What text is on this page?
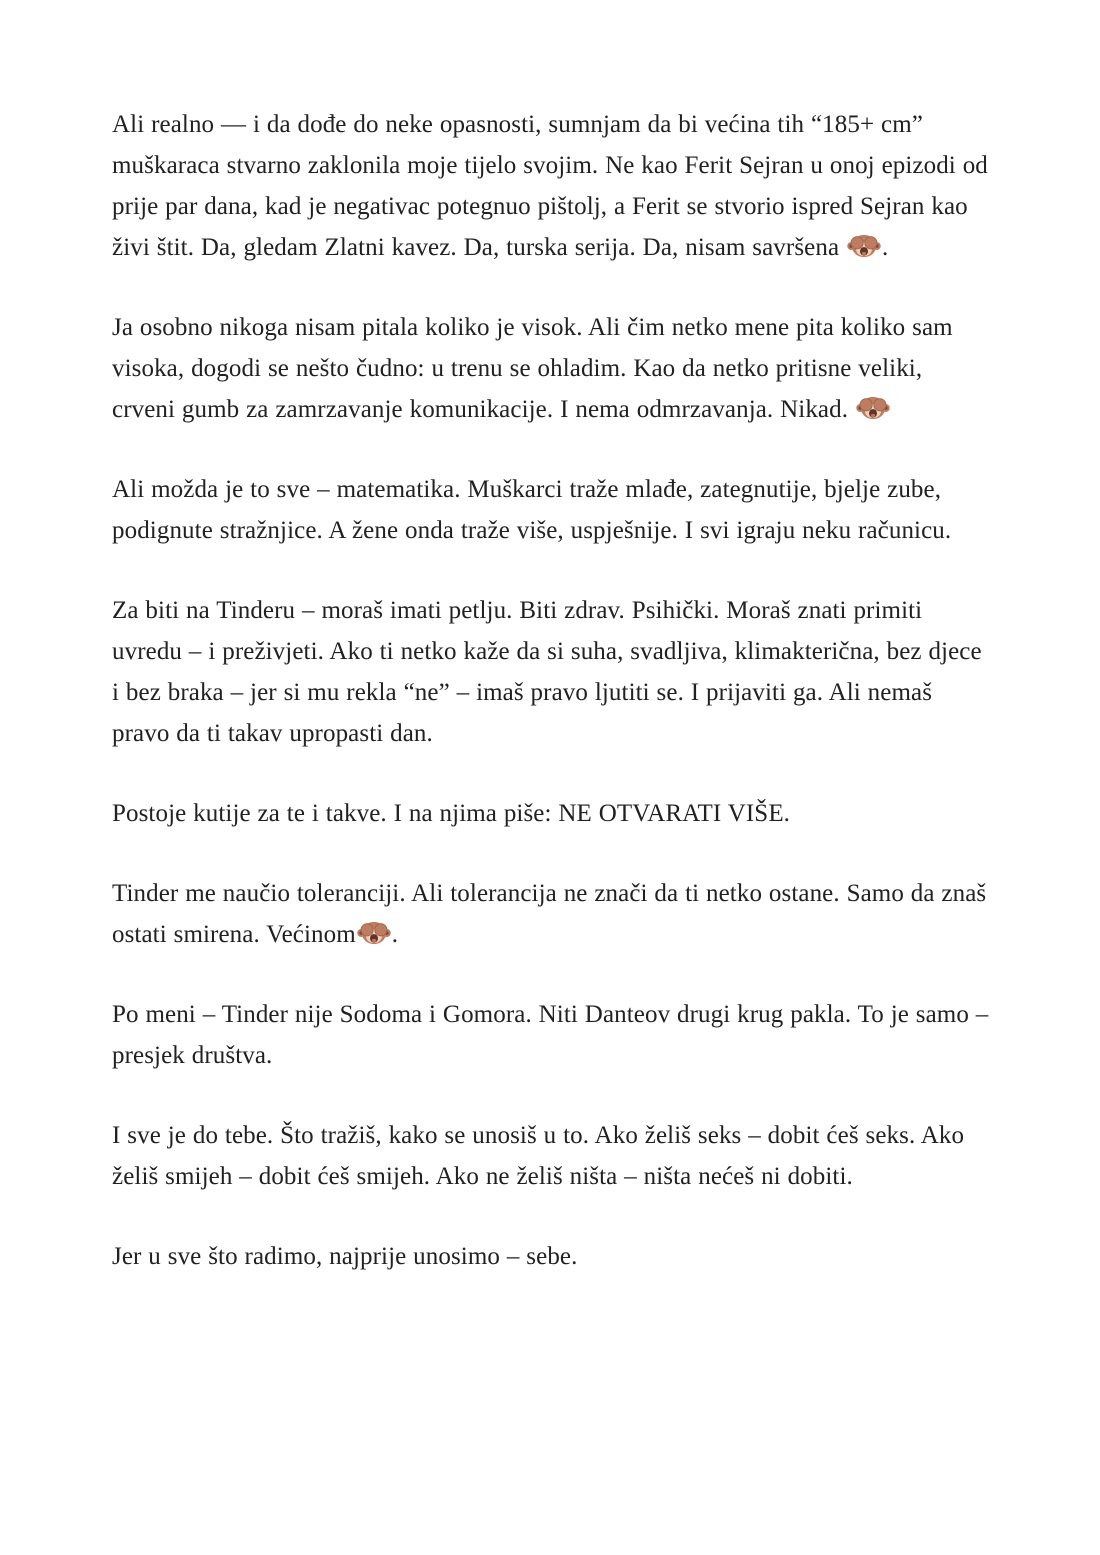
Ali realno — i da dođe do neke opasnosti, sumnjam da bi većina tih “185+ cm” muškaraca stvarno zaklonila moje tijelo svojim. Ne kao Ferit Sejran u onoj epizodi od prije par dana, kad je negativac potegnuo pištolj, a Ferit se stvorio ispred Sejran kao živi štit. Da, gledam Zlatni kavez. Da, turska serija. Da, nisam savršena .

Ja osobno nikoga nisam pitala koliko je visok. Ali čim netko mene pita koliko sam visoka, dogodi se nešto čudno: u trenu se ohladim. Kao da netko pritisne veliki, crveni gumb za zamrzavanje komunikacije. I nema odmrzavanja. Nikad.

Ali možda je to sve – matematika. Muškarci traže mlađe, zategnutije, bjelje zube, podignute stražnjice. A žene onda traže više, uspješnije. I svi igraju neku računicu.

Za biti na Tinderu – moraš imati petlju. Biti zdrav. Psihički. Moraš znati primiti uvredu – i preživjeti. Ako ti netko kaže da si suha, svadljiva, klimakterična, bez djece i bez braka – jer si mu rekla “ne” – imaš pravo ljutiti se. I prijaviti ga. Ali nemaš pravo da ti takav upropasti dan.

Postoje kutije za te i takve. I na njima piše: NE OTVARATI VIŠE.

Tinder me naučio toleranciji. Ali tolerancija ne znači da ti netko ostane. Samo da znaš ostati smirena. Većinom .

Po meni – Tinder nije Sodoma i Gomora. Niti Danteov drugi krug pakla. To je samo – presjek društva.

I sve je do tebe. Što tražiš, kako se unosiš u to. Ako želiš seks – dobit ćeš seks. Ako želiš smijeh – dobit ćeš smijeh. Ako ne želiš ništa – ništa nećeš ni dobiti.

Jer u sve što radimo, najprije unosimo – sebe.
